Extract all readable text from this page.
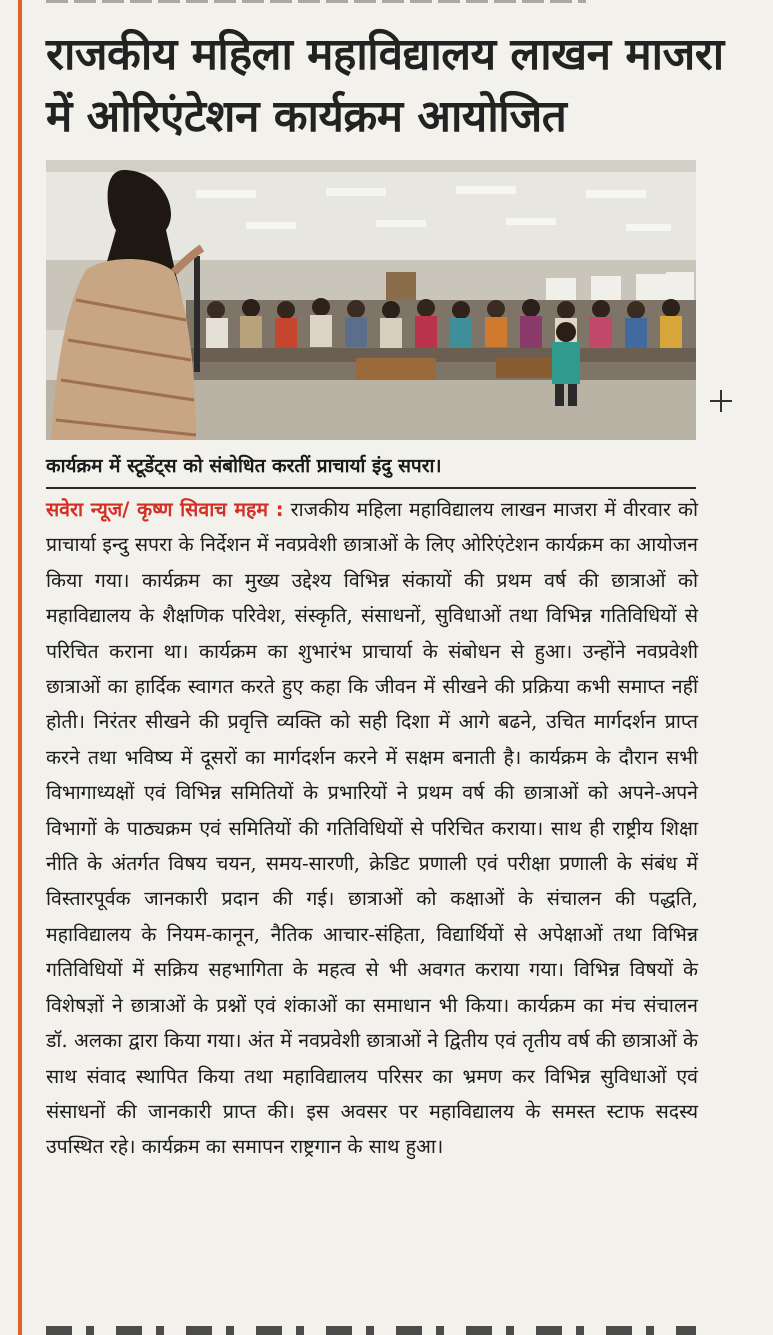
राजकीय महिला महाविद्यालय लाखन माजरा में ओरिएंटेशन कार्यक्रम आयोजित

कार्यक्रम में स्टूडेंट्स को संबोधित करतीं प्राचार्या इंदु सपरा।

सवेरा न्यूज/ कृष्ण सिवाच महम : राजकीय महिला महाविद्यालय लाखन माजरा में वीरवार को प्राचार्या इन्दु सपरा के निर्देशन में नवप्रवेशी छात्राओं के लिए ओरिएंटेशन कार्यक्रम का आयोजन किया गया। कार्यक्रम का मुख्य उद्देश्य विभिन्न संकायों की प्रथम वर्ष की छात्राओं को महाविद्यालय के शैक्षणिक परिवेश, संस्कृति, संसाधनों, सुविधाओं तथा विभिन्न गतिविधियों से परिचित कराना था। कार्यक्रम का शुभारंभ प्राचार्या के संबोधन से हुआ। उन्होंने नवप्रवेशी छात्राओं का हार्दिक स्वागत करते हुए कहा कि जीवन में सीखने की प्रक्रिया कभी समाप्त नहीं होती। निरंतर सीखने की प्रवृत्ति व्यक्ति को सही दिशा में आगे बढने, उचित मार्गदर्शन प्राप्त करने तथा भविष्य में दूसरों का मार्गदर्शन करने में सक्षम बनाती है। कार्यक्रम के दौरान सभी विभागाध्यक्षों एवं विभिन्न समितियों के प्रभारियों ने प्रथम वर्ष की छात्राओं को अपने-अपने विभागों के पाठ्यक्रम एवं समितियों की गतिविधियों से परिचित कराया। साथ ही राष्ट्रीय शिक्षा नीति के अंतर्गत विषय चयन, समय-सारणी, क्रेडिट प्रणाली एवं परीक्षा प्रणाली के संबंध में विस्तारपूर्वक जानकारी प्रदान की गई। छात्राओं को कक्षाओं के संचालन की पद्धति, महाविद्यालय के नियम-कानून, नैतिक आचार-संहिता, विद्यार्थियों से अपेक्षाओं तथा विभिन्न गतिविधियों में सक्रिय सहभागिता के महत्व से भी अवगत कराया गया। विभिन्न विषयों के विशेषज्ञों ने छात्राओं के प्रश्नों एवं शंकाओं का समाधान भी किया। कार्यक्रम का मंच संचालन डॉ. अलका द्वारा किया गया। अंत में नवप्रवेशी छात्राओं ने द्वितीय एवं तृतीय वर्ष की छात्राओं के साथ संवाद स्थापित किया तथा महाविद्यालय परिसर का भ्रमण कर विभिन्न सुविधाओं एवं संसाधनों की जानकारी प्राप्त की। इस अवसर पर महाविद्यालय के समस्त स्टाफ सदस्य उपस्थित रहे। कार्यक्रम का समापन राष्ट्रगान के साथ हुआ।
